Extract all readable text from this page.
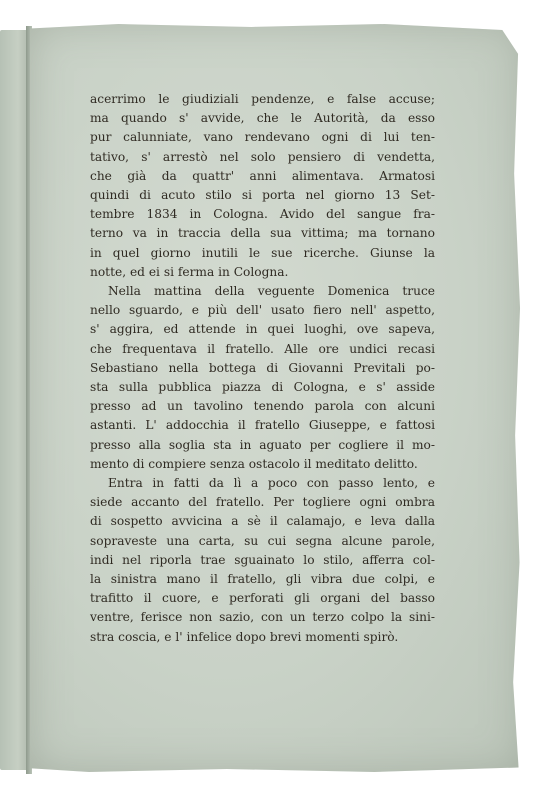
acerrimo le giudiziali pendenze, e false accuse;

ma quando s' avvide, che le Autorità, da esso

pur calunniate, vano rendevano ogni di lui ten-

tativo, s' arrestò nel solo pensiero di vendetta,

che già da quattr' anni alimentava. Armatosi

quindi di acuto stilo si porta nel giorno 13 Set-

tembre 1834 in Cologna. Avido del sangue fra-

terno va in traccia della sua vittima; ma tornano

in quel giorno inutili le sue ricerche. Giunse la

notte, ed ei si ferma in Cologna.

Nella mattina della veguente Domenica truce

nello sguardo, e più dell' usato fiero nell' aspetto,

s' aggira, ed attende in quei luoghi, ove sapeva,

che frequentava il fratello. Alle ore undici recasi

Sebastiano nella bottega di Giovanni Previtali po-

sta sulla pubblica piazza di Cologna, e s' asside

presso ad un tavolino tenendo parola con alcuni

astanti. L' addocchia il fratello Giuseppe, e fattosi

presso alla soglia sta in aguato per cogliere il mo-

mento di compiere senza ostacolo il meditato delitto.

Entra in fatti da lì a poco con passo lento, e

siede accanto del fratello. Per togliere ogni ombra

di sospetto avvicina a sè il calamajo, e leva dalla

sopraveste una carta, su cui segna alcune parole,

indi nel riporla trae sguainato lo stilo, afferra col-

la sinistra mano il fratello, gli vibra due colpi, e

trafitto il cuore, e perforati gli organi del basso

ventre, ferisce non sazio, con un terzo colpo la sini-

stra coscia, e l' infelice dopo brevi momenti spirò.
